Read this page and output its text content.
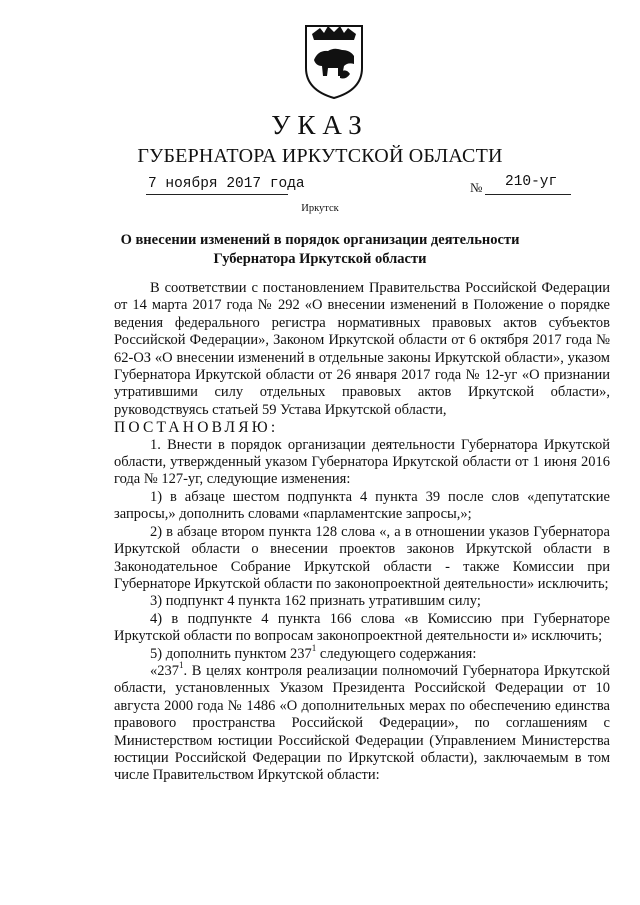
УКАЗ
ГУБЕРНАТОРА ИРКУТСКОЙ ОБЛАСТИ
7 ноября 2017 года	№ 210-уг
Иркутск
О внесении изменений в порядок организации деятельности
Губернатора Иркутской области

В соответствии с постановлением Правительства Российской Федерации от 14 марта 2017 года № 292 «О внесении изменений в Положение о порядке ведения федерального регистра нормативных правовых актов субъектов Российской Федерации», Законом Иркутской области от 6 октября 2017 года № 62-ОЗ «О внесении изменений в отдельные законы Иркутской области», указом Губернатора Иркутской области от 26 января 2017 года № 12-уг «О признании утратившими силу отдельных правовых актов Иркутской области», руководствуясь статьей 59 Устава Иркутской области,

ПОСТАНОВЛЯЮ:

1. Внести в порядок организации деятельности Губернатора Иркутской области, утвержденный указом Губернатора Иркутской области от 1 июня 2016 года № 127-уг, следующие изменения:

1) в абзаце шестом подпункта 4 пункта 39 после слов «депутатские запросы,» дополнить словами «парламентские запросы,»;

2) в абзаце втором пункта 128 слова «, а в отношении указов Губернатора Иркутской области о внесении проектов законов Иркутской области в Законодательное Собрание Иркутской области - также Комиссии при Губернаторе Иркутской области по законопроектной деятельности» исключить;

3) подпункт 4 пункта 162 признать утратившим силу;

4) в подпункте 4 пункта 166 слова «в Комиссию при Губернаторе Иркутской области по вопросам законопроектной деятельности и» исключить;

5) дополнить пунктом $237^1$ следующего содержания:

«$237^1$. В целях контроля реализации полномочий Губернатора Иркутской области, установленных Указом Президента Российской Федерации от 10 августа 2000 года № 1486 «О дополнительных мерах по обеспечению единства правового пространства Российской Федерации», по соглашениям с Министерством юстиции Российской Федерации (Управлением Министерства юстиции Российской Федерации по Иркутской области), заключаемым в том числе Правительством Иркутской области:
